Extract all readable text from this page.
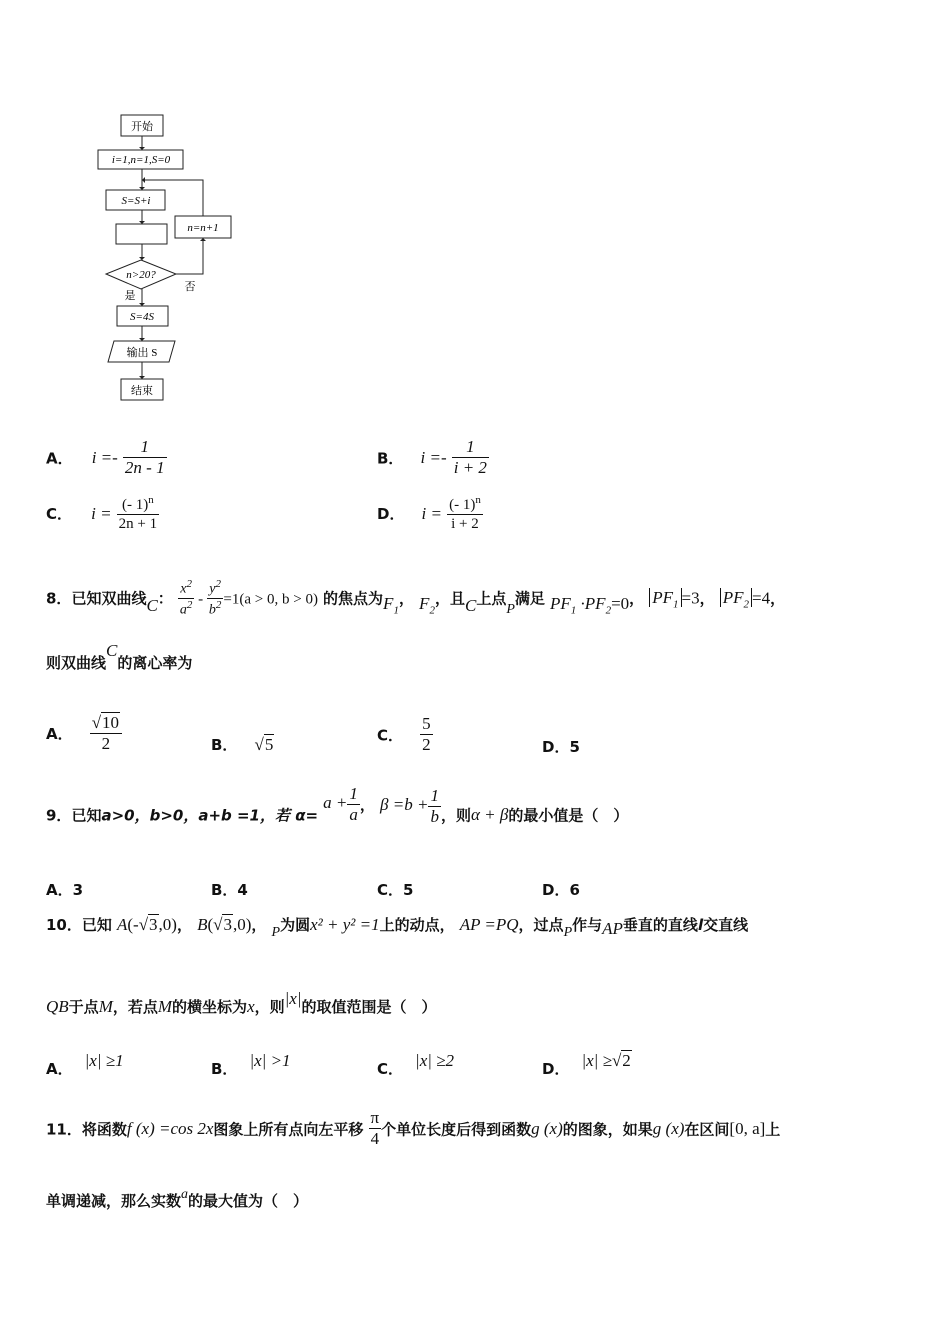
开始
i=1,n=1,S=0
S=S+i
n=n+1
n>20?
否
是
S=4S
输出 S
结束
A． $i =- \frac{1}{2n - 1}$	B． $i =- \frac{1}{i + 2}$
C． $i = \frac{(- 1)^n}{2n + 1}$	D． $i = \frac{(- 1)^n}{i + 2}$
8．已知双曲线C： $\frac{x^2}{a^2} - \frac{y^2}{b^2} =1(a > 0$, b > 0) 的焦点为$F_1$， $F_2$，且C上点P满足 $PF_1 \cdot PF_2=0$， $PF_1 =3$， $PF_2 =4$，
则双曲线C的离心率为
A． $\frac{√10}{2}$	B． √5	C． $\frac{5}{2}$	D．5
9．已知a>0，b>0，a+b =1，若 $\alpha= a + \frac{1}{a}$ ， $\beta =b + \frac{1}{b}$ ，则α + β的最小值是（　）
A．3	B．4	C．5	D．6
10．已知 A(-√3,0)， B(√3,0)， P为圆x² + y² =1上的动点， AP =PQ，过点P作与AP垂直的直线l交直线
QB于点M，若点M的横坐标为x，则|x|的取值范围是（　）
A． |x| ≥1	B． |x| >1	C． |x| ≥2	D． |x| ≥√2
11．将函数f (x) =cos 2x图象上所有点向左平移 $\frac{\pi}{4}$ 个单位长度后得到函数g (x)的图象，如果g (x)在区间[0, a]上
单调递减，那么实数a的最大值为（　）
